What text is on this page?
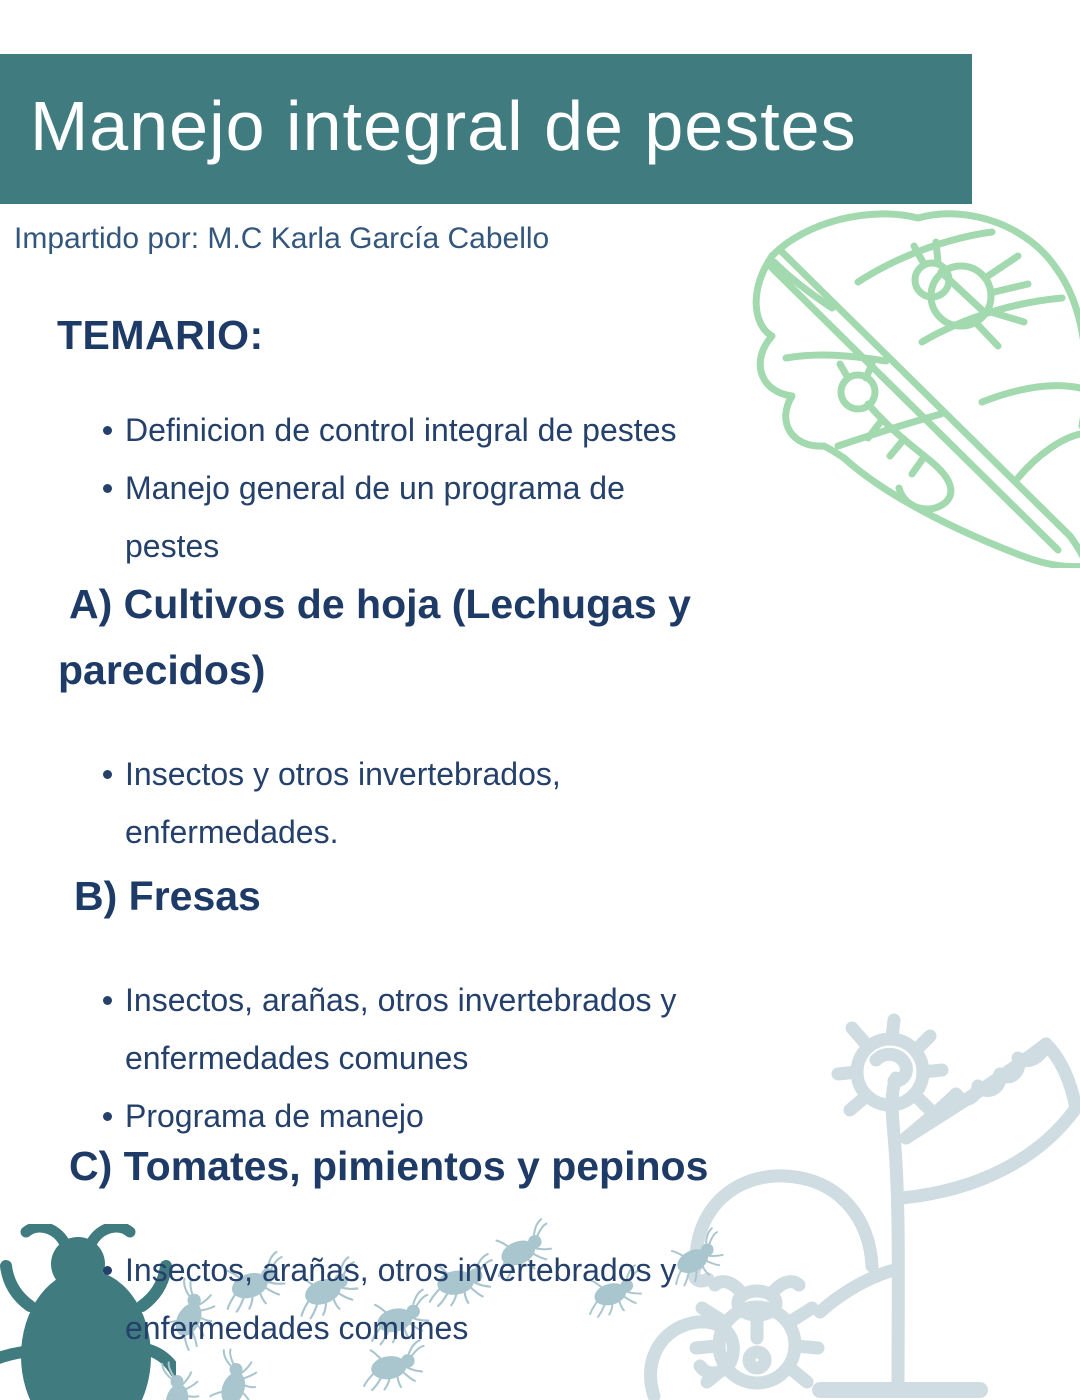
Manejo integral de pestes
Impartido por: M.C Karla García Cabello
TEMARIO:
Definicion de control integral de pestes
Manejo general de un programa de
pestes
A) Cultivos de hoja (Lechugas y
parecidos)
Insectos y otros invertebrados,
enfermedades.
B) Fresas
Insectos, arañas, otros invertebrados y
enfermedades comunes
Programa de manejo
C) Tomates, pimientos y pepinos
Insectos, arañas, otros invertebrados y
enfermedades comunes
